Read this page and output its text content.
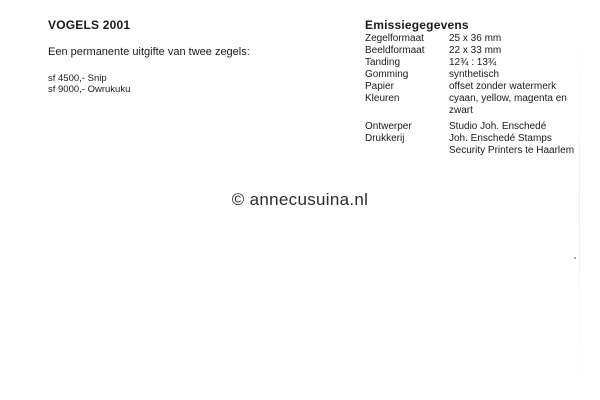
VOGELS 2001
Een permanente uitgifte van twee zegels:
sf 4500,- Snip
sf 9000,- Owrukuku
Emissiegegevens
Zegelformaat	25 x 36 mm
Beeldformaat	22 x 33 mm
Tanding	12¾ : 13¾
Gomming	synthetisch
Papier	offset zonder watermerk
Kleuren	cyaan, yellow, magenta en
zwart
Ontwerper	Studio Joh. Enschedé
Drukkerij	Joh. Enschedé Stamps
Security Printers te Haarlem
© annecusuina.nl
